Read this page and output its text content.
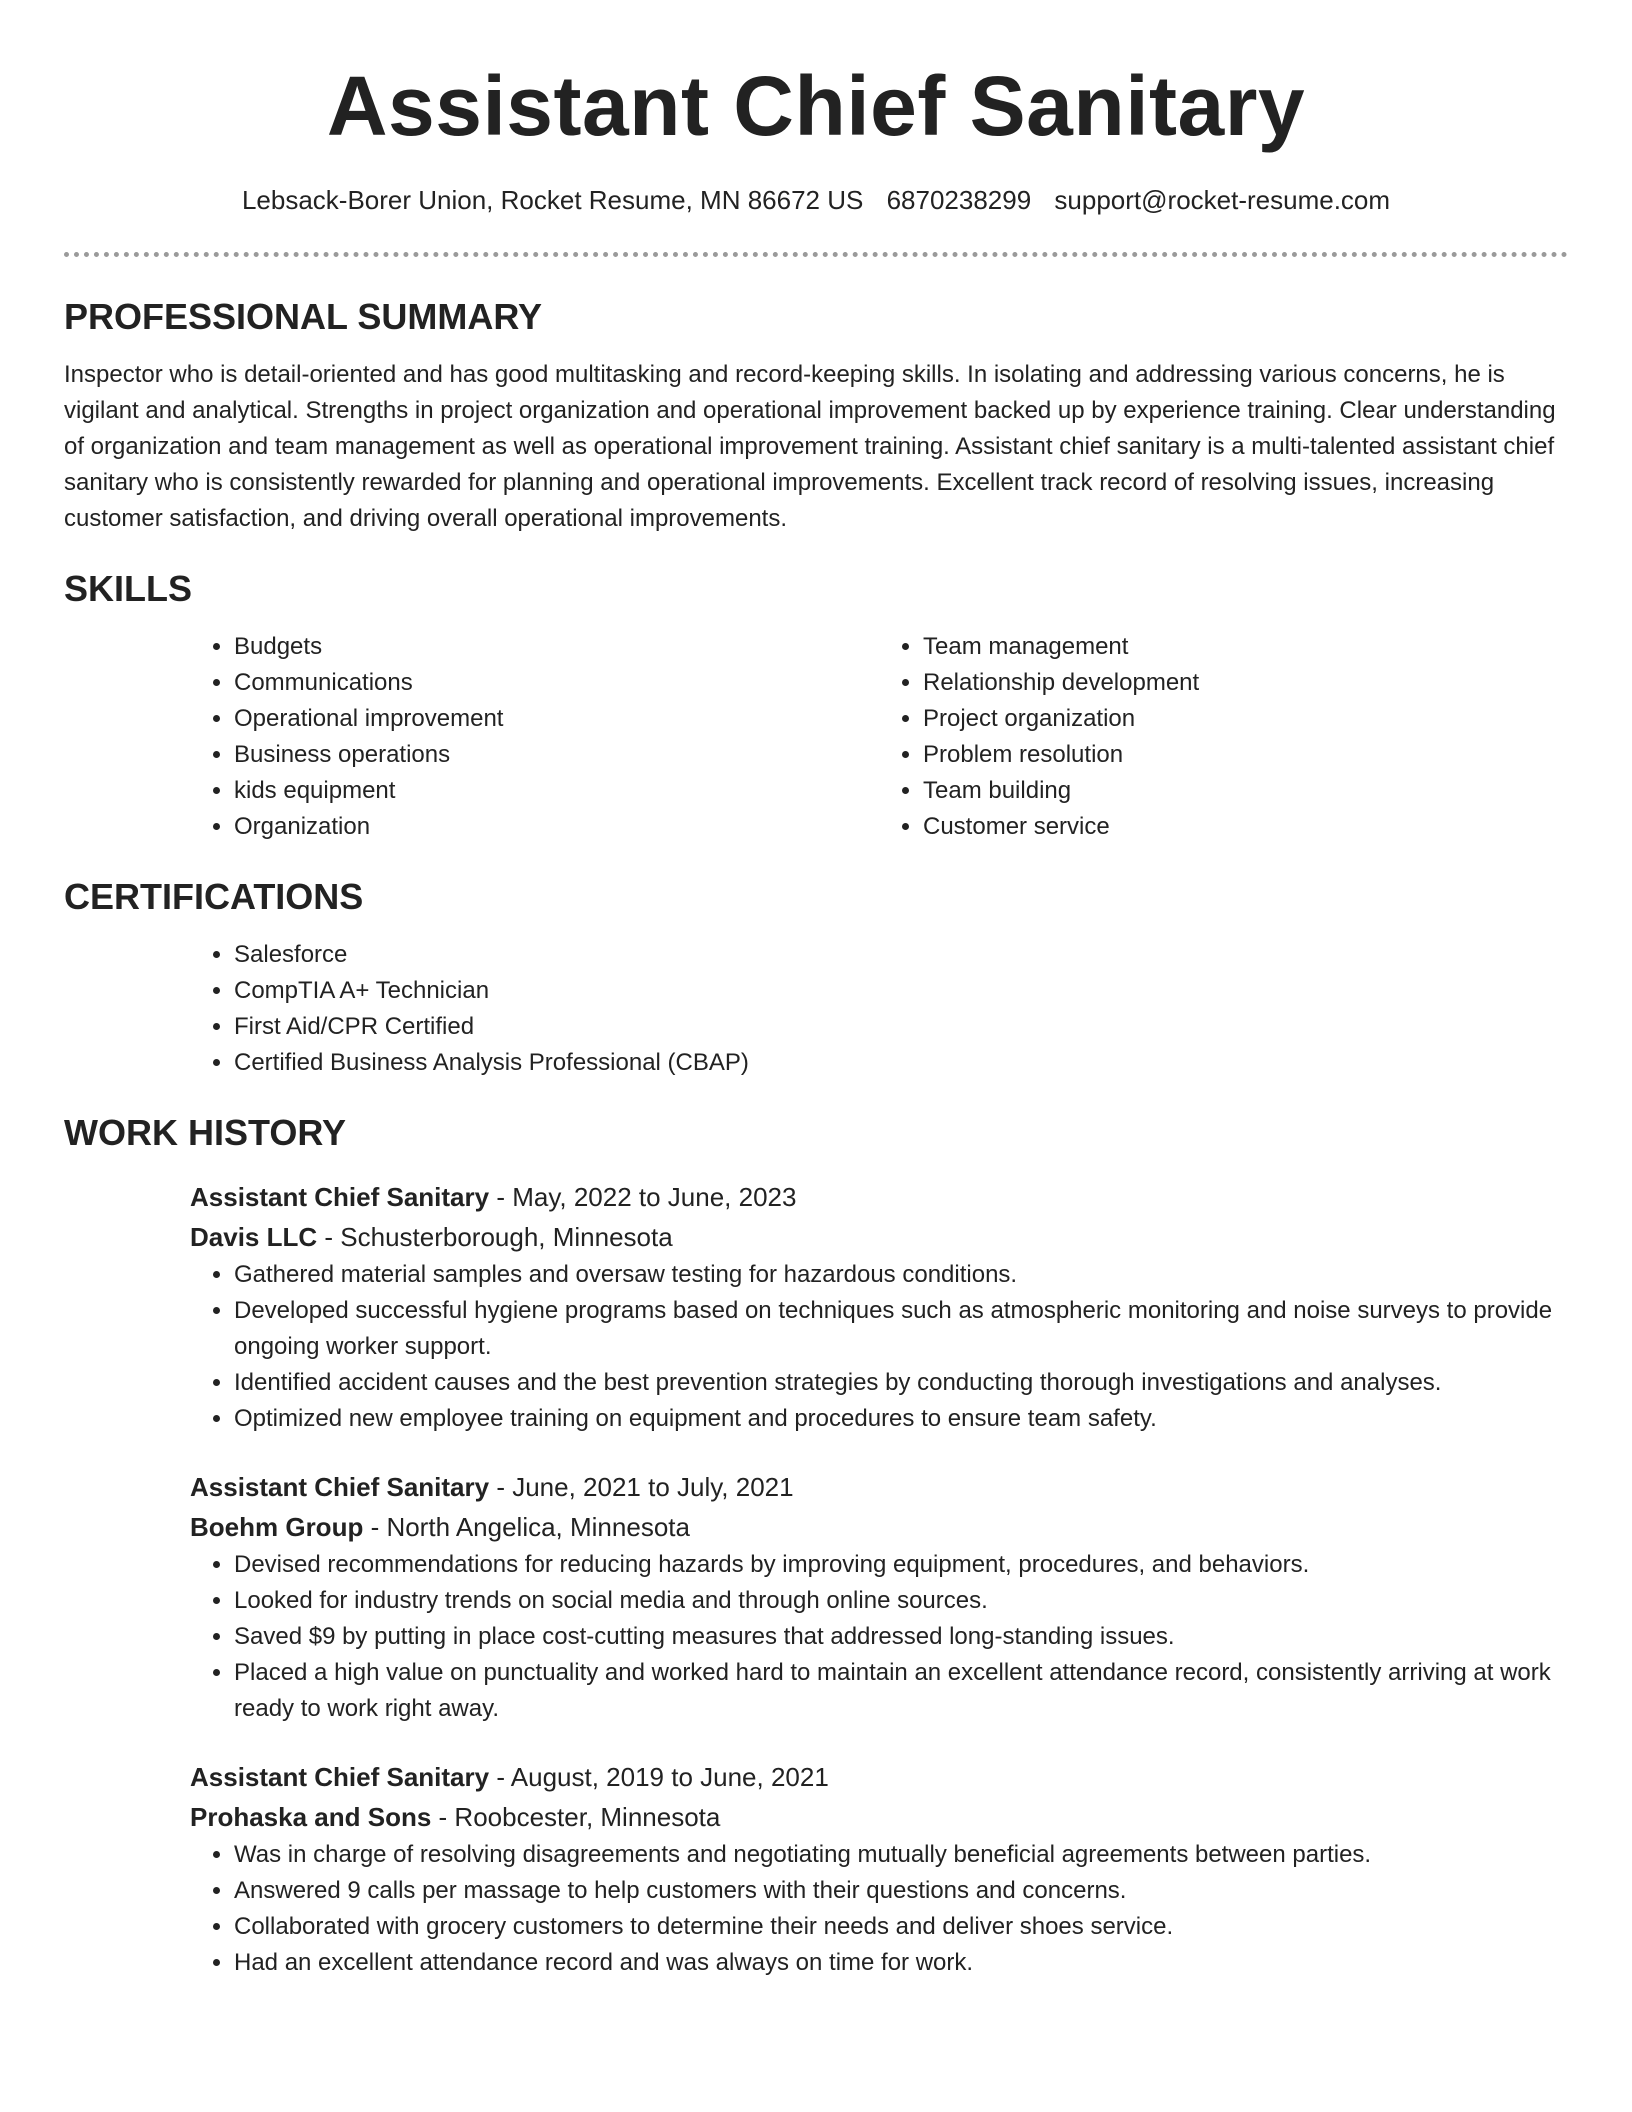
Assistant Chief Sanitary
Lebsack-Borer Union, Rocket Resume, MN 86672 US 6870238299 support@rocket-resume.com
PROFESSIONAL SUMMARY

Inspector who is detail-oriented and has good multitasking and record-keeping skills. In isolating and addressing various concerns, he is vigilant and analytical. Strengths in project organization and operational improvement backed up by experience training. Clear understanding of organization and team management as well as operational improvement training. Assistant chief sanitary is a multi-talented assistant chief sanitary who is consistently rewarded for planning and operational improvements. Excellent track record of resolving issues, increasing customer satisfaction, and driving overall operational improvements.

SKILLS
• Budgets
• Communications
• Operational improvement
• Business operations
• kids equipment
• Organization
• Team management
• Relationship development
• Project organization
• Problem resolution
• Team building
• Customer service
CERTIFICATIONS
• Salesforce
• CompTIA A+ Technician
• First Aid/CPR Certified
• Certified Business Analysis Professional (CBAP)
WORK HISTORY
Assistant Chief Sanitary - May, 2022 to June, 2023
Davis LLC - Schusterborough, Minnesota
• Gathered material samples and oversaw testing for hazardous conditions.
• Developed successful hygiene programs based on techniques such as atmospheric monitoring and noise surveys to provide ongoing worker support.
• Identified accident causes and the best prevention strategies by conducting thorough investigations and analyses.
• Optimized new employee training on equipment and procedures to ensure team safety.
Assistant Chief Sanitary - June, 2021 to July, 2021
Boehm Group - North Angelica, Minnesota
• Devised recommendations for reducing hazards by improving equipment, procedures, and behaviors.
• Looked for industry trends on social media and through online sources.
• Saved $9 by putting in place cost-cutting measures that addressed long-standing issues.
• Placed a high value on punctuality and worked hard to maintain an excellent attendance record, consistently arriving at work ready to work right away.
Assistant Chief Sanitary - August, 2019 to June, 2021
Prohaska and Sons - Roobcester, Minnesota
• Was in charge of resolving disagreements and negotiating mutually beneficial agreements between parties.
• Answered 9 calls per massage to help customers with their questions and concerns.
• Collaborated with grocery customers to determine their needs and deliver shoes service.
• Had an excellent attendance record and was always on time for work.
